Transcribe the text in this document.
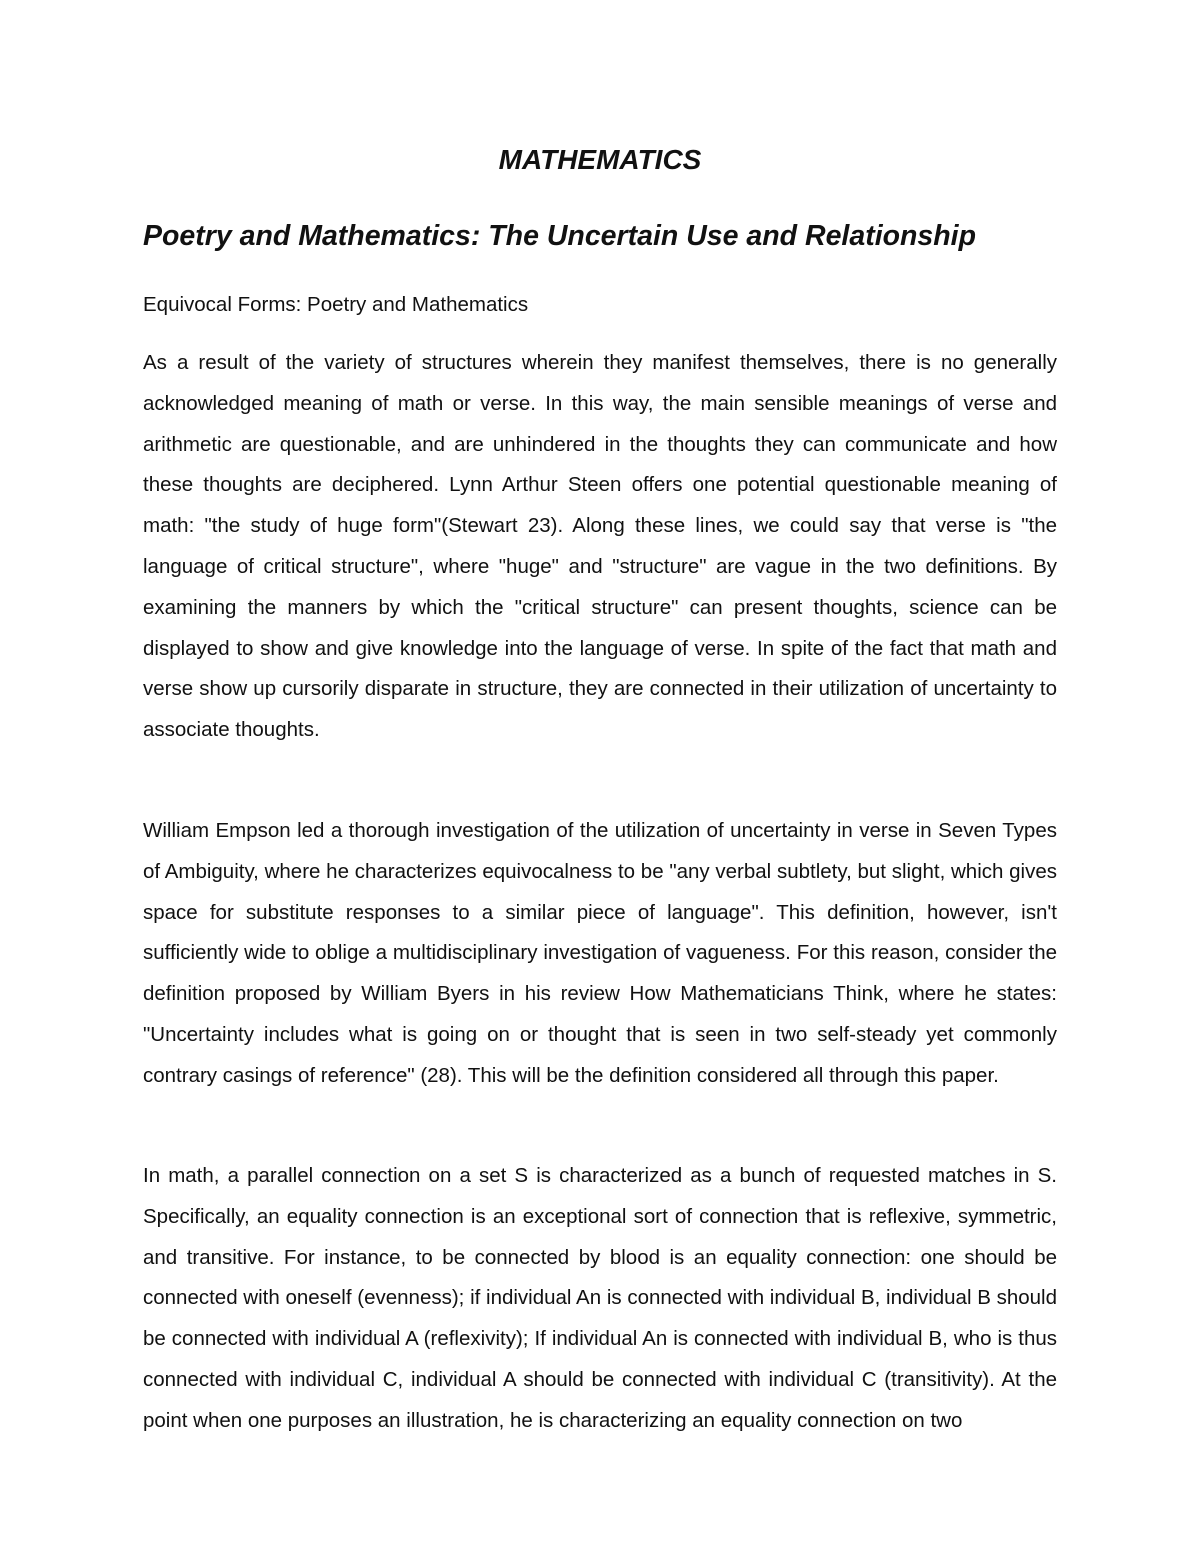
MATHEMATICS
Poetry and Mathematics: The Uncertain Use and Relationship

Equivocal Forms: Poetry and Mathematics

As a result of the variety of structures wherein they manifest themselves, there is no generally acknowledged meaning of math or verse. In this way, the main sensible meanings of verse and arithmetic are questionable, and are unhindered in the thoughts they can communicate and how these thoughts are deciphered. Lynn Arthur Steen offers one potential questionable meaning of math: "the study of huge form"(Stewart 23). Along these lines, we could say that verse is "the language of critical structure", where "huge" and "structure" are vague in the two definitions. By examining the manners by which the "critical structure" can present thoughts, science can be displayed to show and give knowledge into the language of verse. In spite of the fact that math and verse show up cursorily disparate in structure, they are connected in their utilization of uncertainty to associate thoughts.

William Empson led a thorough investigation of the utilization of uncertainty in verse in Seven Types of Ambiguity, where he characterizes equivocalness to be "any verbal subtlety, but slight, which gives space for substitute responses to a similar piece of language". This definition, however, isn't sufficiently wide to oblige a multidisciplinary investigation of vagueness. For this reason, consider the definition proposed by William Byers in his review How Mathematicians Think, where he states: "Uncertainty includes what is going on or thought that is seen in two self-steady yet commonly contrary casings of reference" (28). This will be the definition considered all through this paper.

In math, a parallel connection on a set S is characterized as a bunch of requested matches in S. Specifically, an equality connection is an exceptional sort of connection that is reflexive, symmetric, and transitive. For instance, to be connected by blood is an equality connection: one should be connected with oneself (evenness); if individual An is connected with individual B, individual B should be connected with individual A (reflexivity); If individual An is connected with individual B, who is thus connected with individual C, individual A should be connected with individual C (transitivity). At the point when one purposes an illustration, he is characterizing an equality connection on two
